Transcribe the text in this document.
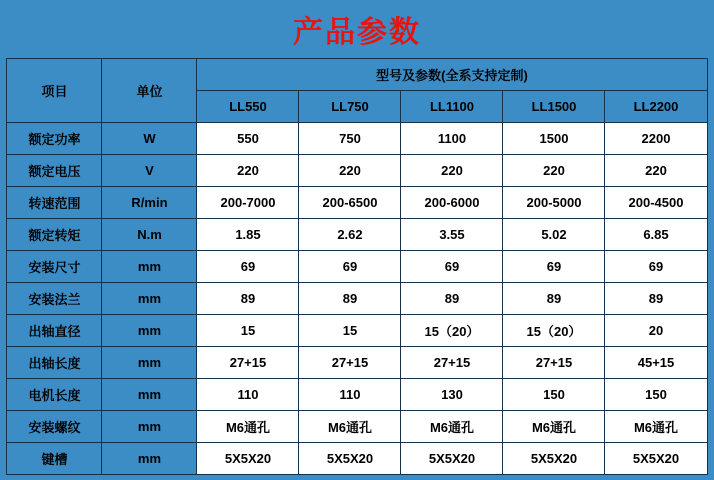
产品参数
项目	单位	型号及参数(全系支持定制)				
		LL550	LL750	LL1100	LL1500	LL2200
额定功率	W	550	750	1100	1500	2200
额定电压	V	220	220	220	220	220
转速范围	R/min	200-7000	200-6500	200-6000	200-5000	200-4500
额定转矩	N.m	1.85	2.62	3.55	5.02	6.85
安装尺寸	mm	69	69	69	69	69
安装法兰	mm	89	89	89	89	89
出轴直径	mm	15	15	15（20）	15（20）	20
出轴长度	mm	27+15	27+15	27+15	27+15	45+15
电机长度	mm	110	110	130	150	150
安装螺纹	mm	M6通孔	M6通孔	M6通孔	M6通孔	M6通孔
键槽	mm	5X5X20	5X5X20	5X5X20	5X5X20	5X5X20
